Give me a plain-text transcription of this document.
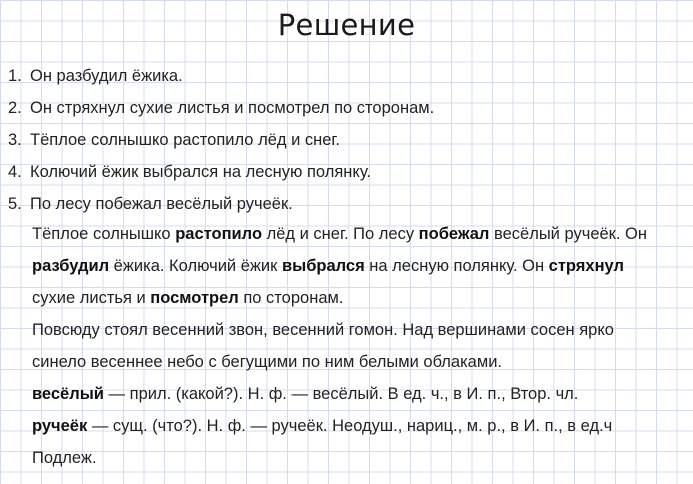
Решение
1. Он разбудил ёжика.
2. Он стряхнул сухие листья и посмотрел по сторонам.
3. Тёплое солнышко растопило лёд и снег.
4. Колючий ёжик выбрался на лесную полянку.
5. По лесу побежал весёлый ручеёк.
Тёплое солнышко растопило лёд и снег. По лесу побежал весёлый ручеёк. Он
разбудил ёжика. Колючий ёжик выбрался на лесную полянку. Он стряхнул
сухие листья и посмотрел по сторонам.
Повсюду стоял весенний звон, весенний гомон. Над вершинами сосен ярко
синело весеннее небо с бегущими по ним белыми облаками.
весёлый — прил. (какой?). Н. ф. — весёлый. В ед. ч., в И. п., Втор. чл.
ручеёк — сущ. (что?). Н. ф. — ручеёк. Неодуш., нариц., м. р., в И. п., в ед.ч
Подлеж.
